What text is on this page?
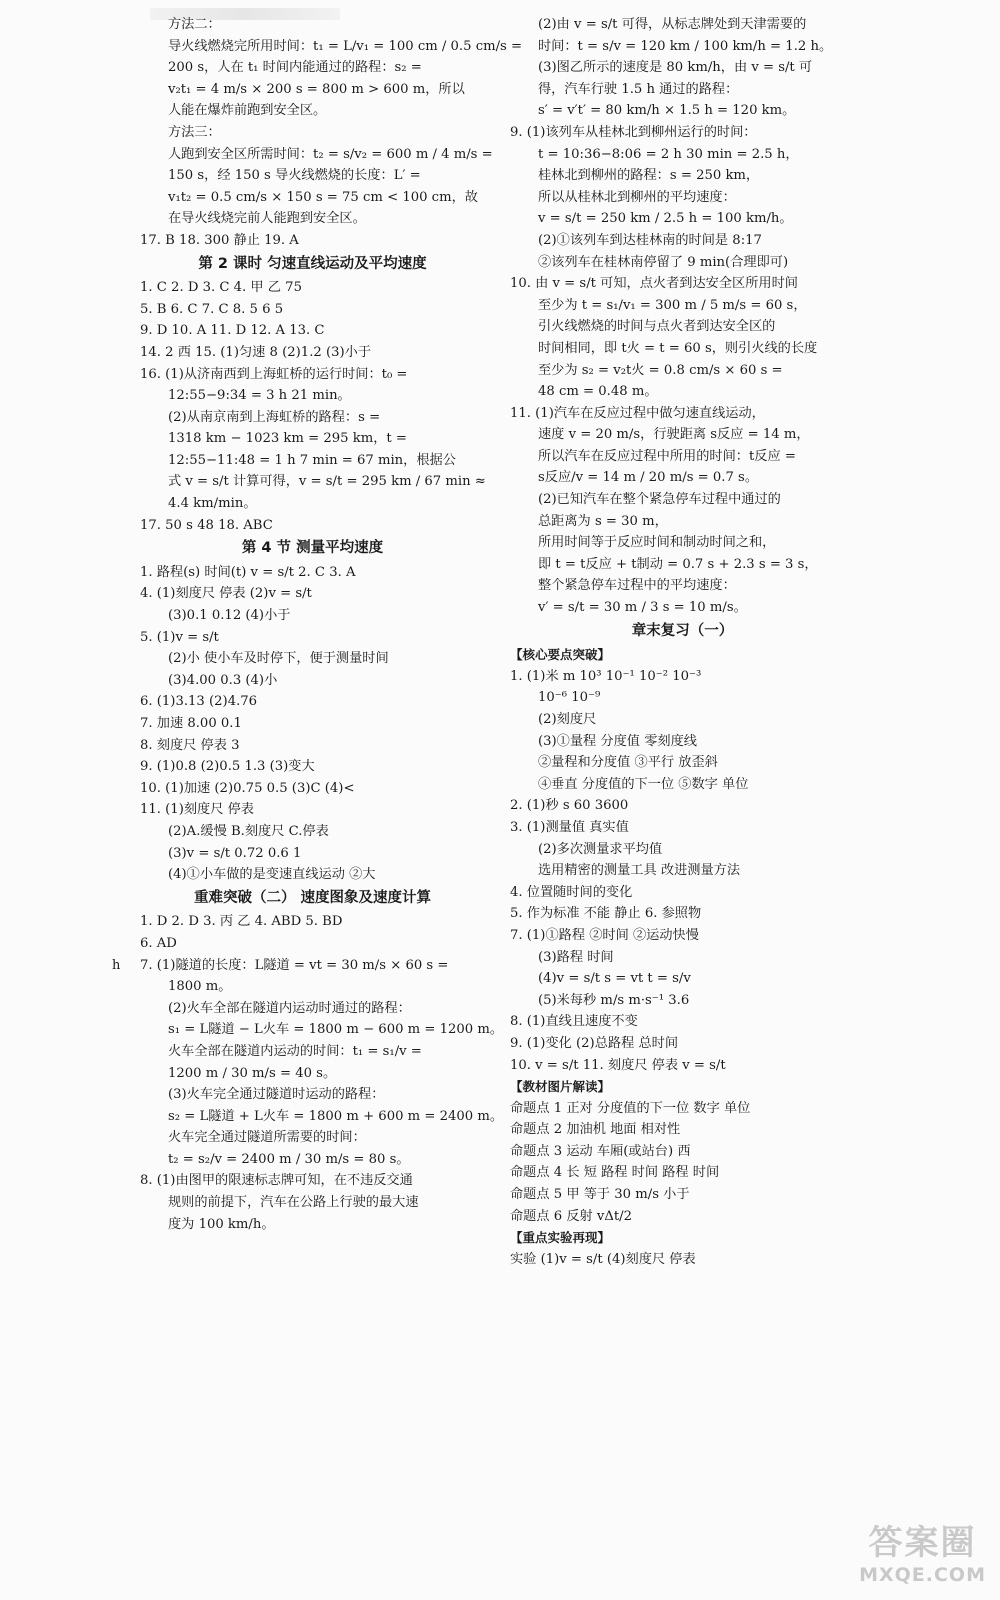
方法二：
导火线燃烧完所用时间：t₁ = L/v₁ = 100 cm / 0.5 cm/s =
200 s，人在 t₁ 时间内能通过的路程：s₂ =
v₂t₁ = 4 m/s × 200 s = 800 m > 600 m，所以
人能在爆炸前跑到安全区。
方法三：
人跑到安全区所需时间：t₂ = s/v₂ = 600 m / 4 m/s =
150 s，经 150 s 导火线燃烧的长度：L′ =
v₁t₂ = 0.5 cm/s × 150 s = 75 cm < 100 cm，故
在导火线烧完前人能跑到安全区。
17. B 18. 300 静止 19. A
第 2 课时 匀速直线运动及平均速度
1. C 2. D 3. C 4. 甲 乙 75
5. B 6. C 7. C 8. 5 6 5
9. D 10. A 11. D 12. A 13. C
14. 2 西 15. (1)匀速 8 (2)1.2 (3)小于
16. (1)从济南西到上海虹桥的运行时间：t₀ =
12:55−9:34 = 3 h 21 min。
(2)从南京南到上海虹桥的路程：s =
1318 km − 1023 km = 295 km，t =
12:55−11:48 = 1 h 7 min = 67 min，根据公
式 v = s/t 计算可得，v = s/t = 295 km / 67 min ≈
4.4 km/min。
17. 50 s 48 18. ABC
第 4 节 测量平均速度
1. 路程(s) 时间(t) v = s/t 2. C 3. A
4. (1)刻度尺 停表 (2)v = s/t
(3)0.1 0.12 (4)小于
5. (1)v = s/t
(2)小 使小车及时停下，便于测量时间
(3)4.00 0.3 (4)小
6. (1)3.13 (2)4.76
7. 加速 8.00 0.1
8. 刻度尺 停表 3
9. (1)0.8 (2)0.5 1.3 (3)变大
10. (1)加速 (2)0.75 0.5 (3)C (4)<
11. (1)刻度尺 停表
(2)A.缓慢 B.刻度尺 C.停表
(3)v = s/t 0.72 0.6 1
(4)①小车做的是变速直线运动 ②大
重难突破（二） 速度图象及速度计算
1. D 2. D 3. 丙 乙 4. ABD 5. BD
6. AD
7. (1)隧道的长度：L隧道 = vt = 30 m/s × 60 s =
1800 m。
(2)火车全部在隧道内运动时通过的路程：
s₁ = L隧道 − L火车 = 1800 m − 600 m = 1200 m。
火车全部在隧道内运动的时间：t₁ = s₁/v =
1200 m / 30 m/s = 40 s。
(3)火车完全通过隧道时运动的路程：
s₂ = L隧道 + L火车 = 1800 m + 600 m = 2400 m。
火车完全通过隧道所需要的时间：
t₂ = s₂/v = 2400 m / 30 m/s = 80 s。
8. (1)由图甲的限速标志牌可知，在不违反交通
规则的前提下，汽车在公路上行驶的最大速
度为 100 km/h。
(2)由 v = s/t 可得，从标志牌处到天津需要的
时间：t = s/v = 120 km / 100 km/h = 1.2 h。
(3)图乙所示的速度是 80 km/h，由 v = s/t 可
得，汽车行驶 1.5 h 通过的路程：
s′ = v′t′ = 80 km/h × 1.5 h = 120 km。
9. (1)该列车从桂林北到柳州运行的时间：
t = 10:36−8:06 = 2 h 30 min = 2.5 h，
桂林北到柳州的路程：s = 250 km，
所以从桂林北到柳州的平均速度：
v = s/t = 250 km / 2.5 h = 100 km/h。
(2)①该列车到达桂林南的时间是 8:17
②该列车在桂林南停留了 9 min(合理即可)
10. 由 v = s/t 可知，点火者到达安全区所用时间
至少为 t = s₁/v₁ = 300 m / 5 m/s = 60 s，
引火线燃烧的时间与点火者到达安全区的
时间相同，即 t火 = t = 60 s，则引火线的长度
至少为 s₂ = v₂t火 = 0.8 cm/s × 60 s =
48 cm = 0.48 m。
11. (1)汽车在反应过程中做匀速直线运动，
速度 v = 20 m/s，行驶距离 s反应 = 14 m，
所以汽车在反应过程中所用的时间：t反应 =
s反应/v = 14 m / 20 m/s = 0.7 s。
(2)已知汽车在整个紧急停车过程中通过的
总距离为 s = 30 m，
所用时间等于反应时间和制动时间之和，
即 t = t反应 + t制动 = 0.7 s + 2.3 s = 3 s，
整个紧急停车过程中的平均速度：
v′ = s/t = 30 m / 3 s = 10 m/s。
章末复习（一）
【核心要点突破】
1. (1)米 m 10³ 10⁻¹ 10⁻² 10⁻³
10⁻⁶ 10⁻⁹
(2)刻度尺
(3)①量程 分度值 零刻度线
②量程和分度值 ③平行 放歪斜
④垂直 分度值的下一位 ⑤数字 单位
2. (1)秒 s 60 3600
3. (1)测量值 真实值
(2)多次测量求平均值
选用精密的测量工具 改进测量方法
4. 位置随时间的变化
5. 作为标准 不能 静止 6. 参照物
7. (1)①路程 ②时间 ②运动快慢
(3)路程 时间
(4)v = s/t s = vt t = s/v
(5)米每秒 m/s m·s⁻¹ 3.6
8. (1)直线且速度不变
9. (1)变化 (2)总路程 总时间
10. v = s/t 11. 刻度尺 停表 v = s/t
【教材图片解读】
命题点 1 正对 分度值的下一位 数字 单位
命题点 2 加油机 地面 相对性
命题点 3 运动 车厢(或站台) 西
命题点 4 长 短 路程 时间 路程 时间
命题点 5 甲 等于 30 m/s 小于
命题点 6 反射 vΔt/2
【重点实验再现】
实验 (1)v = s/t (4)刻度尺 停表
h
答案圈
MXQE.COM
